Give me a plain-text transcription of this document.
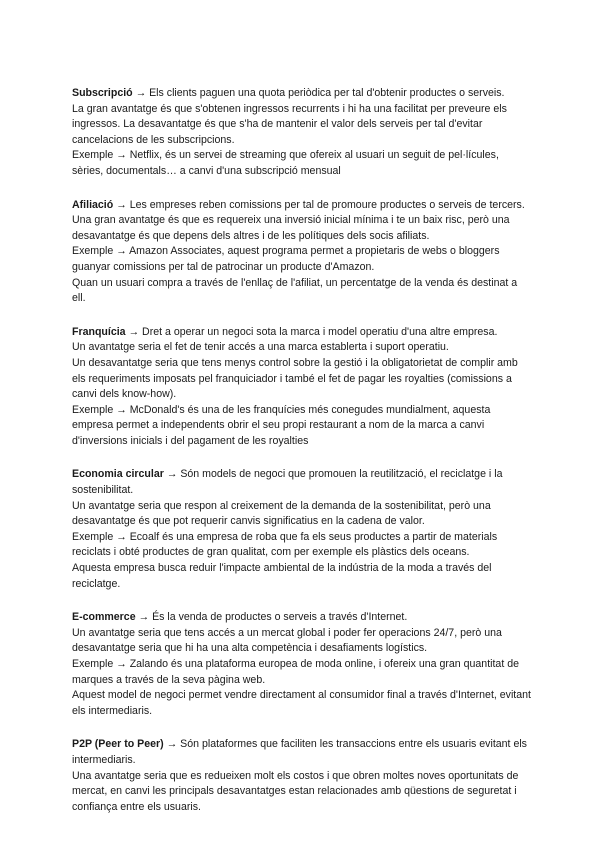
Subscripció → Els clients paguen una quota periòdica per tal d'obtenir productes o serveis.

La gran avantatge és que s'obtenen ingressos recurrents i hi ha una facilitat per preveure els ingressos. La desavantatge és que s'ha de mantenir el valor dels serveis per tal d'evitar cancelacions de les subscripcions.

Exemple → Netflix, és un servei de streaming que ofereix al usuari un seguit de pel·lícules, sèries, documentals… a canvi d'una subscripció mensual

Afiliació → Les empreses reben comissions per tal de promoure productes o serveis de tercers.

Una gran avantatge és que es requereix una inversió inicial mínima i te un baix risc, però una desavantatge és que depens dels altres i de les polítiques dels socis afiliats.

Exemple → Amazon Associates, aquest programa permet a propietaris de webs o bloggers guanyar comissions per tal de patrocinar un producte d'Amazon.

Quan un usuari compra a través de l'enllaç de l'afiliat, un percentatge de la venda és destinat a ell.

Franquícia → Dret a operar un negoci sota la marca i model operatiu d'una altre empresa.

Un avantatge seria el fet de tenir accés a una marca establerta i suport operatiu.

Un desavantatge seria que tens menys control sobre la gestió i la obligatorietat de complir amb els requeriments imposats pel franquiciador i també el fet de pagar les royalties (comissions a canvi dels know-how).

Exemple → McDonald's és una de les franquícies més conegudes mundialment, aquesta empresa permet a independents obrir el seu propi restaurant a nom de la marca a canvi d'inversions inicials i del pagament de les royalties

Economia circular → Són models de negoci que promouen la reutilització, el reciclatge i la sostenibilitat.

Un avantatge seria que respon al creixement de la demanda de la sostenibilitat, però una desavantatge és que pot requerir canvis significatius en la cadena de valor.

Exemple → Ecoalf és una empresa de roba que fa els seus productes a partir de materials reciclats i obté productes de gran qualitat, com per exemple els plàstics dels oceans.

Aquesta empresa busca reduir l'impacte ambiental de la indústria de la moda a través del reciclatge.

E-commerce → És la venda de productes o serveis a través d'Internet.

Un avantatge seria que tens accés a un mercat global i poder fer operacions 24/7, però una desavantatge seria que hi ha una alta competència i desafiaments logístics.

Exemple → Zalando és una plataforma europea de moda online, i ofereix una gran quantitat de marques a través de la seva pàgina web.

Aquest model de negoci permet vendre directament al consumidor final a través d'Internet, evitant els intermediaris.

P2P (Peer to Peer) → Són plataformes que faciliten les transaccions entre els usuaris evitant els intermediaris.

Una avantatge seria que es redueixen molt els costos i que obren moltes noves oportunitats de mercat, en canvi les principals desavantatges estan relacionades amb qüestions de seguretat i confiança entre els usuaris.
